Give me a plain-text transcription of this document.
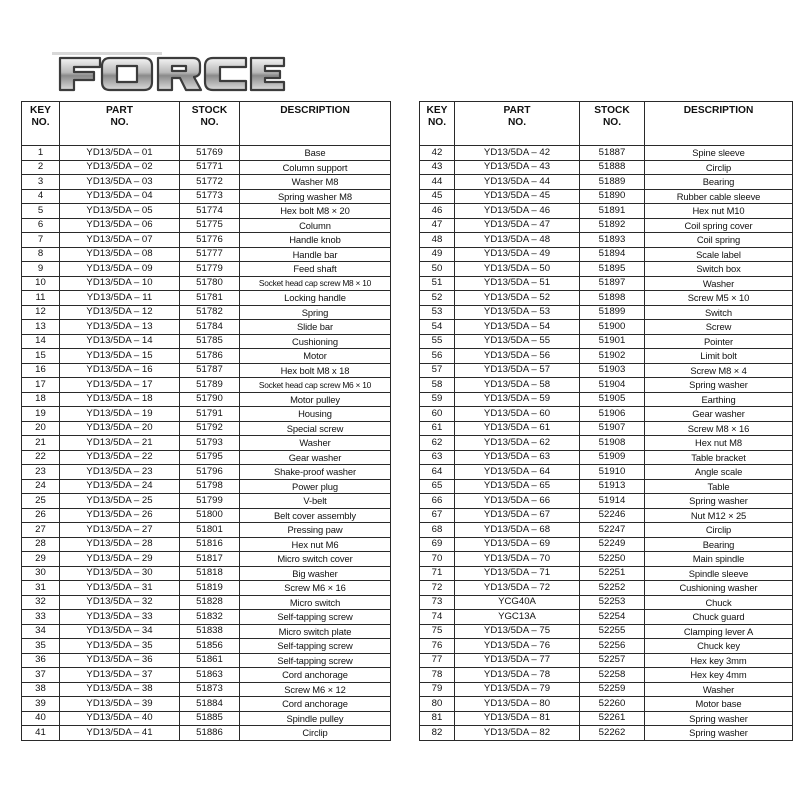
KEY
NO.	PART
NO.	STOCK
NO.	DESCRIPTION

1	YD13/5DA – 01	51769	Base
2	YD13/5DA – 02	51771	Column support
3	YD13/5DA – 03	51772	Washer M8
4	YD13/5DA – 04	51773	Spring washer M8
5	YD13/5DA – 05	51774	Hex bolt M8 × 20
6	YD13/5DA – 06	51775	Column
7	YD13/5DA – 07	51776	Handle knob
8	YD13/5DA – 08	51777	Handle bar
9	YD13/5DA – 09	51779	Feed shaft
10	YD13/5DA – 10	51780	Socket head cap screw M8 × 10
11	YD13/5DA – 11	51781	Locking handle
12	YD13/5DA – 12	51782	Spring
13	YD13/5DA – 13	51784	Slide bar
14	YD13/5DA – 14	51785	Cushioning
15	YD13/5DA – 15	51786	Motor
16	YD13/5DA – 16	51787	Hex bolt M8 x 18
17	YD13/5DA – 17	51789	Socket head cap screw M6 × 10
18	YD13/5DA – 18	51790	Motor pulley
19	YD13/5DA – 19	51791	Housing
20	YD13/5DA – 20	51792	Special screw
21	YD13/5DA – 21	51793	Washer
22	YD13/5DA – 22	51795	Gear washer
23	YD13/5DA – 23	51796	Shake-proof washer
24	YD13/5DA – 24	51798	Power plug
25	YD13/5DA – 25	51799	V-belt
26	YD13/5DA – 26	51800	Belt cover assembly
27	YD13/5DA – 27	51801	Pressing paw
28	YD13/5DA – 28	51816	Hex nut M6
29	YD13/5DA – 29	51817	Micro switch cover
30	YD13/5DA – 30	51818	Big washer
31	YD13/5DA – 31	51819	Screw M6 × 16
32	YD13/5DA – 32	51828	Micro switch
33	YD13/5DA – 33	51832	Self-tapping screw
34	YD13/5DA – 34	51838	Micro switch plate
35	YD13/5DA – 35	51856	Self-tapping screw
36	YD13/5DA – 36	51861	Self-tapping screw
37	YD13/5DA – 37	51863	Cord anchorage
38	YD13/5DA – 38	51873	Screw M6 × 12
39	YD13/5DA – 39	51884	Cord anchorage
40	YD13/5DA – 40	51885	Spindle pulley
41	YD13/5DA – 41	51886	Circlip
KEY
NO.	PART
NO.	STOCK
NO.	DESCRIPTION

42	YD13/5DA – 42	51887	Spine sleeve
43	YD13/5DA – 43	51888	Circlip
44	YD13/5DA – 44	51889	Bearing
45	YD13/5DA – 45	51890	Rubber cable sleeve
46	YD13/5DA – 46	51891	Hex nut M10
47	YD13/5DA – 47	51892	Coil spring cover
48	YD13/5DA – 48	51893	Coil spring
49	YD13/5DA – 49	51894	Scale label
50	YD13/5DA – 50	51895	Switch box
51	YD13/5DA – 51	51897	Washer
52	YD13/5DA – 52	51898	Screw M5 × 10
53	YD13/5DA – 53	51899	Switch
54	YD13/5DA – 54	51900	Screw
55	YD13/5DA – 55	51901	Pointer
56	YD13/5DA – 56	51902	Limit bolt
57	YD13/5DA – 57	51903	Screw M8 × 4
58	YD13/5DA – 58	51904	Spring washer
59	YD13/5DA – 59	51905	Earthing
60	YD13/5DA – 60	51906	Gear washer
61	YD13/5DA – 61	51907	Screw M8 × 16
62	YD13/5DA – 62	51908	Hex nut M8
63	YD13/5DA – 63	51909	Table bracket
64	YD13/5DA – 64	51910	Angle scale
65	YD13/5DA – 65	51913	Table
66	YD13/5DA – 66	51914	Spring washer
67	YD13/5DA – 67	52246	Nut M12 × 25
68	YD13/5DA – 68	52247	Circlip
69	YD13/5DA – 69	52249	Bearing
70	YD13/5DA – 70	52250	Main spindle
71	YD13/5DA – 71	52251	Spindle sleeve
72	YD13/5DA – 72	52252	Cushioning washer
73	YCG40A	52253	Chuck
74	YGC13A	52254	Chuck guard
75	YD13/5DA – 75	52255	Clamping lever A
76	YD13/5DA – 76	52256	Chuck key
77	YD13/5DA – 77	52257	Hex key 3mm
78	YD13/5DA – 78	52258	Hex key 4mm
79	YD13/5DA – 79	52259	Washer
80	YD13/5DA – 80	52260	Motor base
81	YD13/5DA – 81	52261	Spring washer
82	YD13/5DA – 82	52262	Spring washer
